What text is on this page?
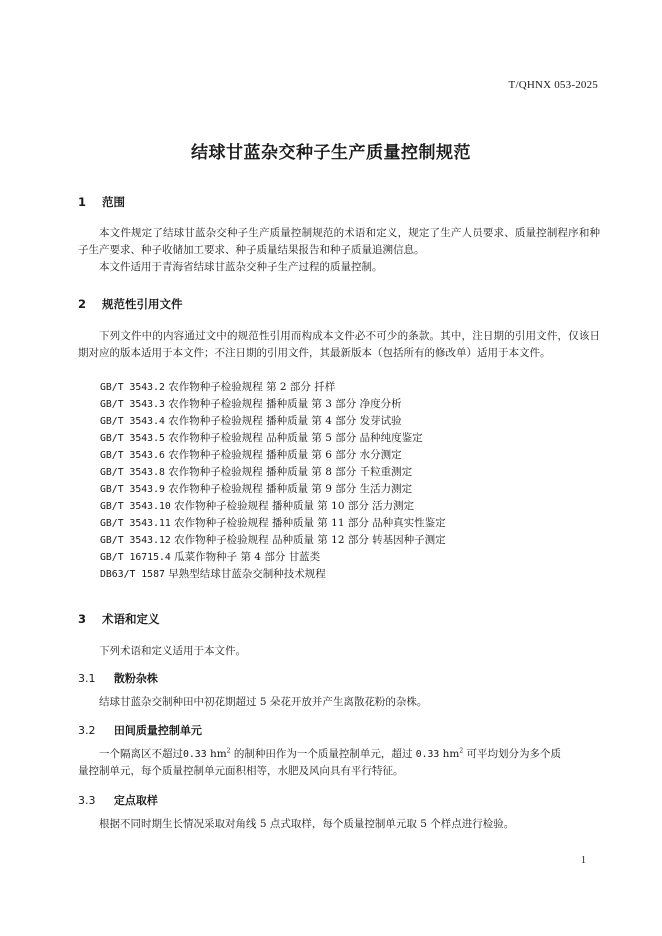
T/QHNX 053-2025
结球甘蓝杂交种子生产质量控制规范
1 范围

本文件规定了结球甘蓝杂交种子生产质量控制规范的术语和定义，规定了生产人员要求、质量控制程序和种子生产要求、种子收储加工要求、种子质量结果报告和种子质量追溯信息。

本文件适用于青海省结球甘蓝杂交种子生产过程的质量控制。

2 规范性引用文件

下列文件中的内容通过文中的规范性引用而构成本文件必不可少的条款。其中，注日期的引用文件，仅该日期对应的版本适用于本文件；不注日期的引用文件，其最新版本（包括所有的修改单）适用于本文件。

GB/T 3543.2 农作物种子检验规程 第 2 部分 扦样
GB/T 3543.3 农作物种子检验规程 播种质量 第 3 部分 净度分析
GB/T 3543.4 农作物种子检验规程 播种质量 第 4 部分 发芽试验
GB/T 3543.5 农作物种子检验规程 品种质量 第 5 部分 品种纯度鉴定
GB/T 3543.6 农作物种子检验规程 播种质量 第 6 部分 水分测定
GB/T 3543.8 农作物种子检验规程 播种质量 第 8 部分 千粒重测定
GB/T 3543.9 农作物种子检验规程 播种质量 第 9 部分 生活力测定
GB/T 3543.10 农作物种子检验规程 播种质量 第 10 部分 活力测定
GB/T 3543.11 农作物种子检验规程 播种质量 第 11 部分 品种真实性鉴定
GB/T 3543.12 农作物种子检验规程 品种质量 第 12 部分 转基因种子测定
GB/T 16715.4 瓜菜作物种子 第 4 部分 甘蓝类
DB63/T 1587 早熟型结球甘蓝杂交制种技术规程
3 术语和定义

下列术语和定义适用于本文件。

3.1 散粉杂株

结球甘蓝杂交制种田中初花期超过 5 朵花开放并产生离散花粉的杂株。

3.2 田间质量控制单元

一个隔离区不超过0.33 $hm^2$ 的制种田作为一个质量控制单元，超过 0.33 $hm^2$ 可平均划分为多个质

量控制单元，每个质量控制单元面积相等，水肥及风向具有平行特征。

3.3 定点取样

根据不同时期生长情况采取对角线 5 点式取样，每个质量控制单元取 5 个样点进行检验。

1
